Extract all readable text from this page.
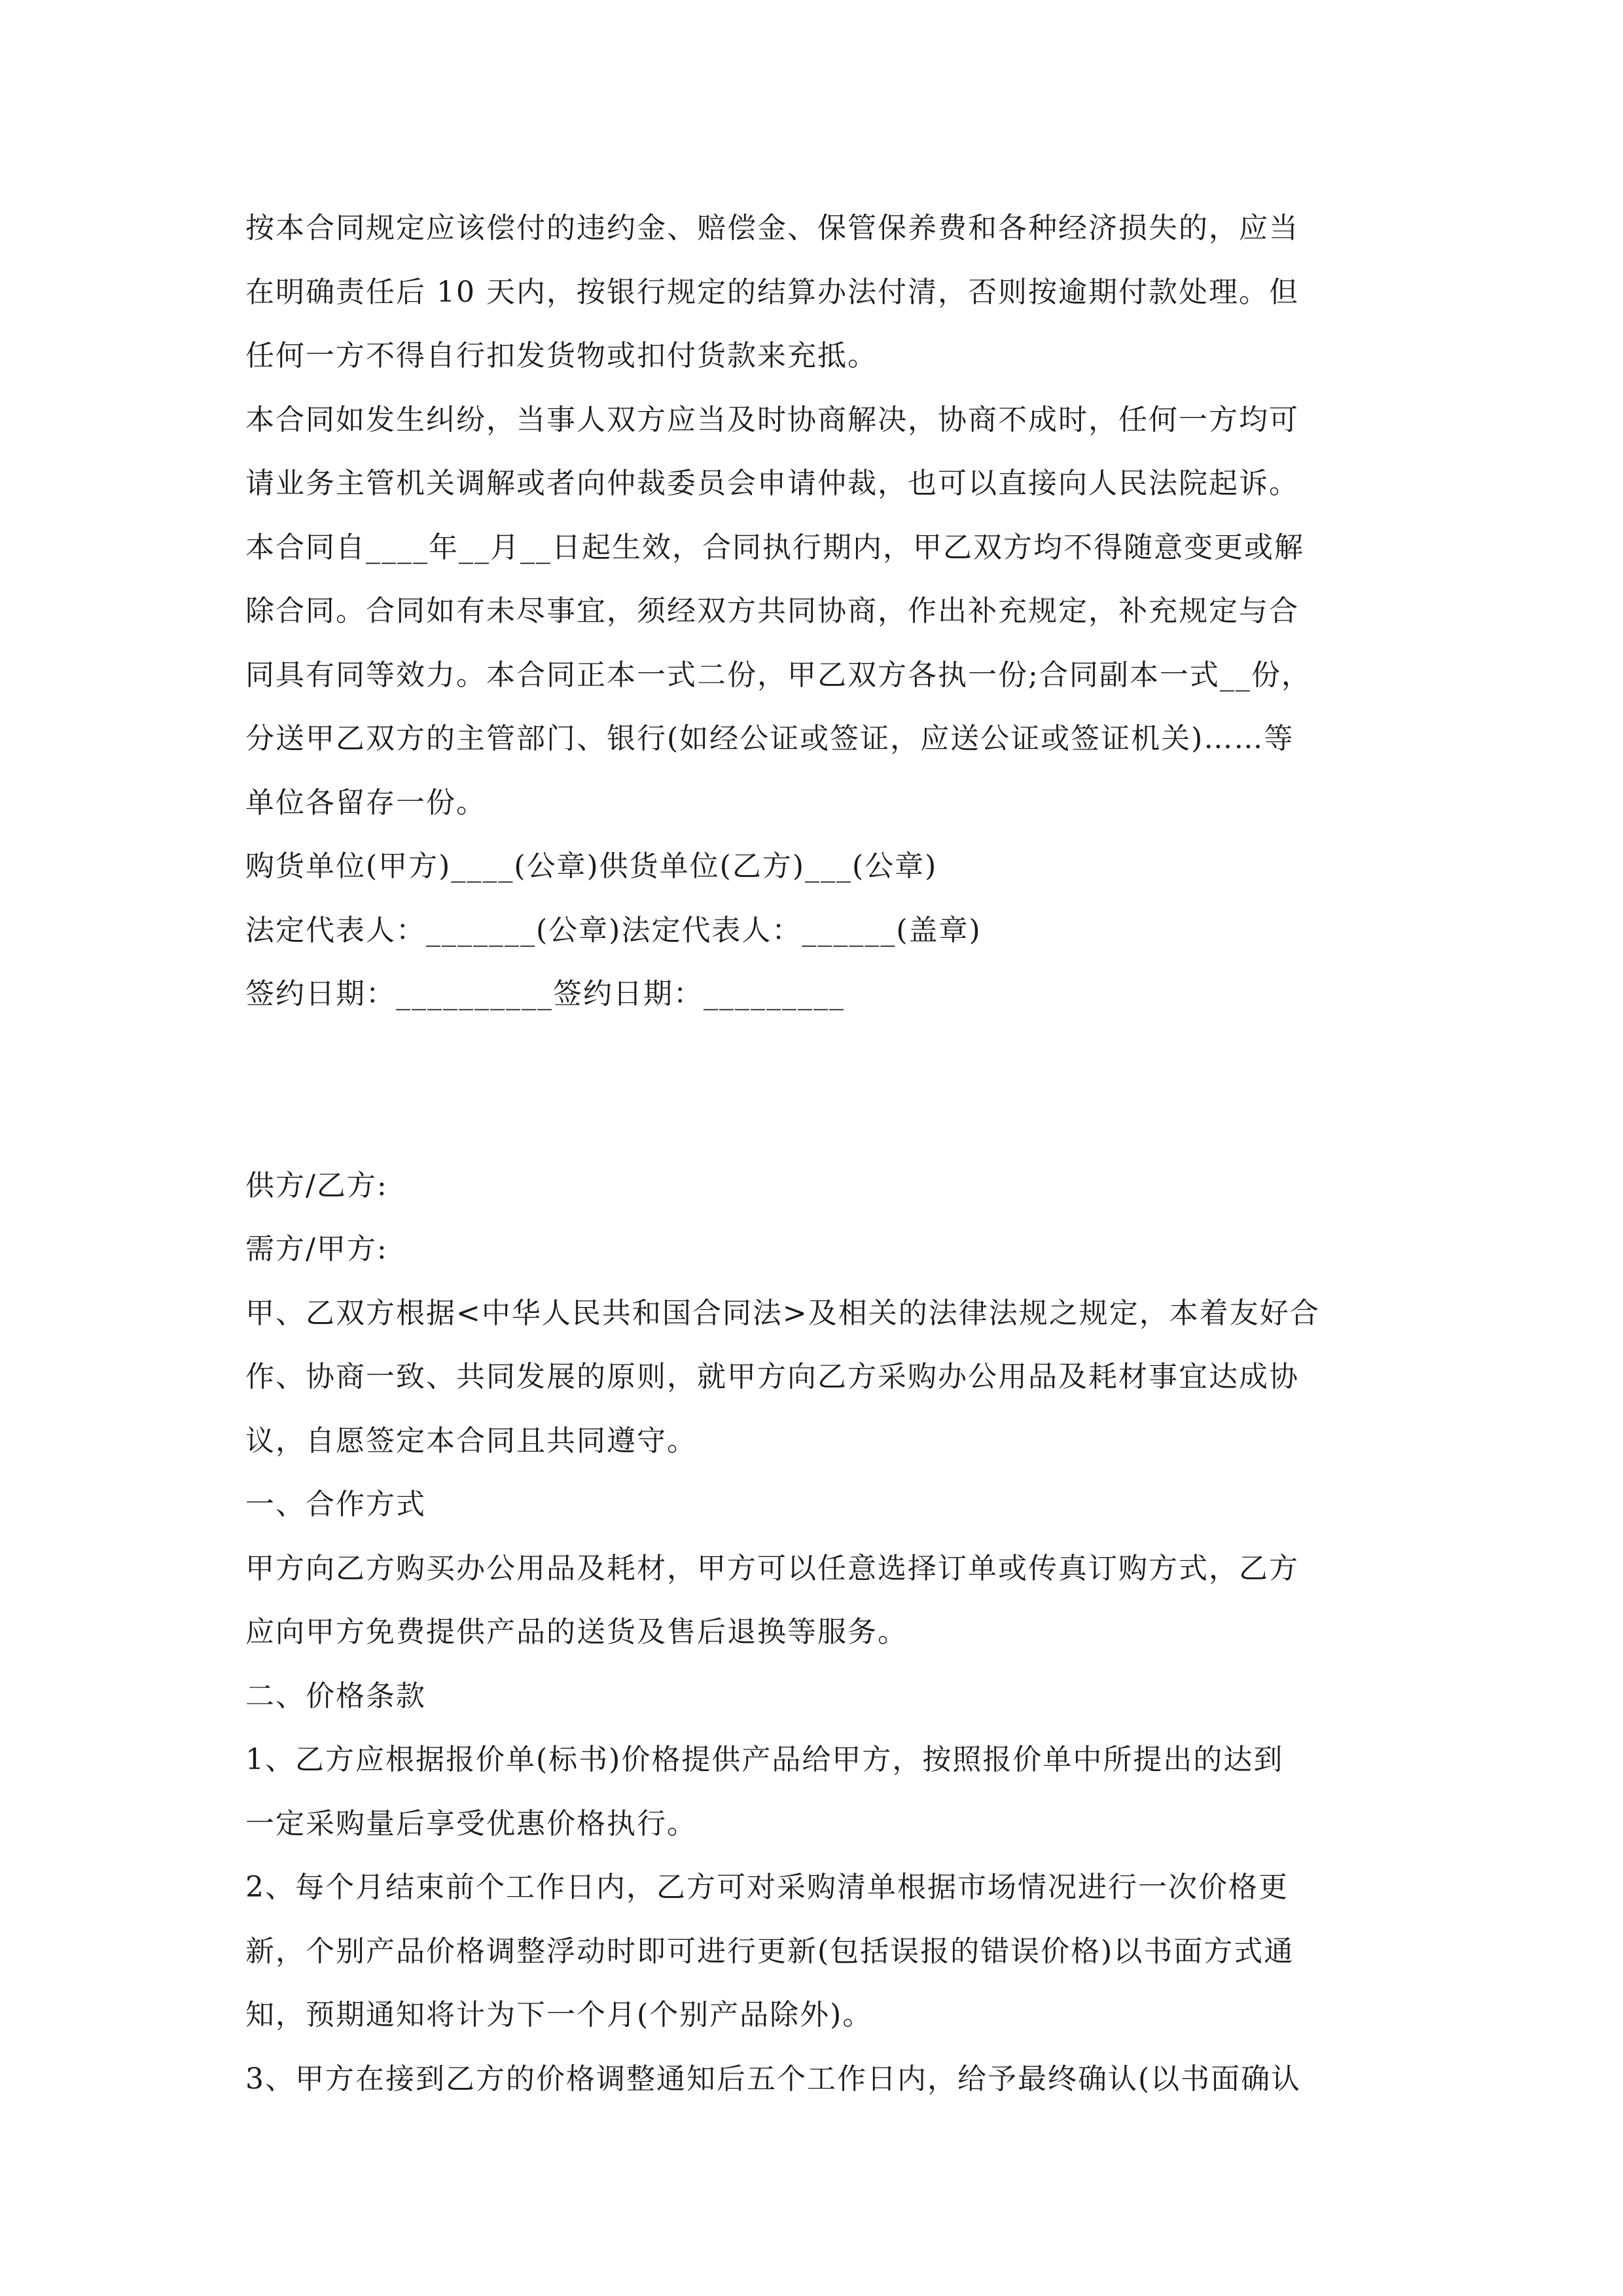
按本合同规定应该偿付的违约金、赔偿金、保管保养费和各种经济损失的，应当

在明确责任后 10 天内，按银行规定的结算办法付清，否则按逾期付款处理。但

任何一方不得自行扣发货物或扣付货款来充抵。

本合同如发生纠纷，当事人双方应当及时协商解决，协商不成时，任何一方均可

请业务主管机关调解或者向仲裁委员会申请仲裁，也可以直接向人民法院起诉。

本合同自____年__月__日起生效，合同执行期内，甲乙双方均不得随意变更或解

除合同。合同如有未尽事宜，须经双方共同协商，作出补充规定，补充规定与合

同具有同等效力。本合同正本一式二份，甲乙双方各执一份;合同副本一式__份，

分送甲乙双方的主管部门、银行(如经公证或签证，应送公证或签证机关)……等

单位各留存一份。

购货单位(甲方)____(公章)供货单位(乙方)___(公章)

法定代表人：_______(公章)法定代表人：______(盖章)

签约日期：__________签约日期：_________

供方/乙方:

需方/甲方:

甲、乙双方根据<中华人民共和国合同法>及相关的法律法规之规定，本着友好合

作、协商一致、共同发展的原则，就甲方向乙方采购办公用品及耗材事宜达成协

议，自愿签定本合同且共同遵守。

一、合作方式

甲方向乙方购买办公用品及耗材，甲方可以任意选择订单或传真订购方式，乙方

应向甲方免费提供产品的送货及售后退换等服务。

二、价格条款

1、乙方应根据报价单(标书)价格提供产品给甲方，按照报价单中所提出的达到

一定采购量后享受优惠价格执行。

2、每个月结束前个工作日内，乙方可对采购清单根据市场情况进行一次价格更

新，个别产品价格调整浮动时即可进行更新(包括误报的错误价格)以书面方式通

知，预期通知将计为下一个月(个别产品除外)。

3、甲方在接到乙方的价格调整通知后五个工作日内，给予最终确认(以书面确认
